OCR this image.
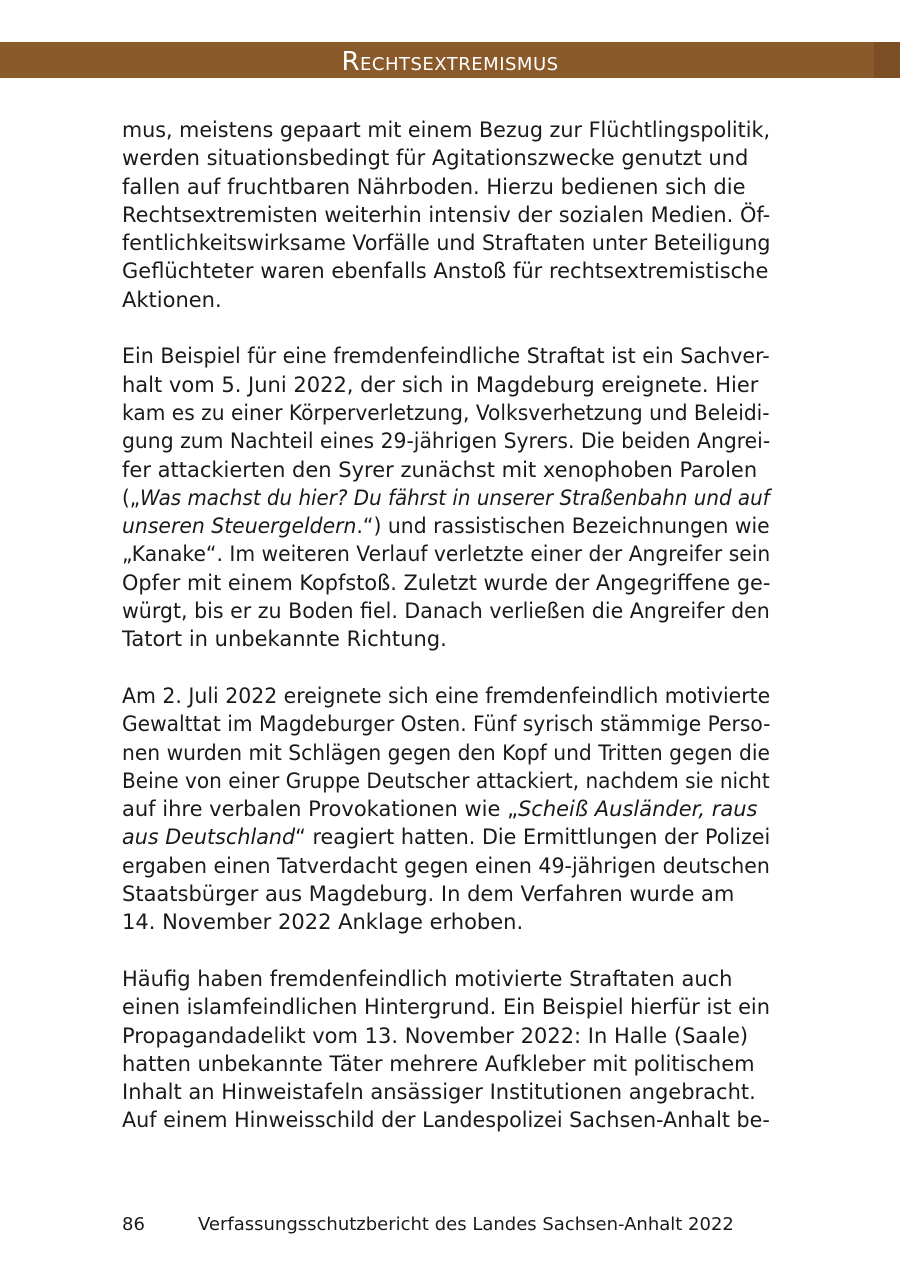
Rechtsextremismus
mus, meistens gepaart mit einem Bezug zur Flüchtlingspolitik,
werden situationsbedingt für Agitationszwecke genutzt und
fallen auf fruchtbaren Nährboden. Hierzu bedienen sich die
Rechtsextremisten weiterhin intensiv der sozialen Medien. Öf-
fentlichkeitswirksame Vorfälle und Straftaten unter Beteiligung
Geflüchteter waren ebenfalls Anstoß für rechtsextremistische
Aktionen.
Ein Beispiel für eine fremdenfeindliche Straftat ist ein Sachver-
halt vom 5. Juni 2022, der sich in Magdeburg ereignete. Hier
kam es zu einer Körperverletzung, Volksverhetzung und Beleidi-
gung zum Nachteil eines 29-jährigen Syrers. Die beiden Angrei-
fer attackierten den Syrer zunächst mit xenophoben Parolen
(„Was machst du hier? Du fährst in unserer Straßenbahn und auf
unseren Steuergeldern.“) und rassistischen Bezeichnungen wie
„Kanake“. Im weiteren Verlauf verletzte einer der Angreifer sein
Opfer mit einem Kopfstoß. Zuletzt wurde der Angegriffene ge-
würgt, bis er zu Boden fiel. Danach verließen die Angreifer den
Tatort in unbekannte Richtung.
Am 2. Juli 2022 ereignete sich eine fremdenfeindlich motivierte
Gewalttat im Magdeburger Osten. Fünf syrisch stämmige Perso-
nen wurden mit Schlägen gegen den Kopf und Tritten gegen die
Beine von einer Gruppe Deutscher attackiert, nachdem sie nicht
auf ihre verbalen Provokationen wie „Scheiß Ausländer, raus
aus Deutschland“ reagiert hatten. Die Ermittlungen der Polizei
ergaben einen Tatverdacht gegen einen 49-jährigen deutschen
Staatsbürger aus Magdeburg. In dem Verfahren wurde am
14. November 2022 Anklage erhoben.
Häufig haben fremdenfeindlich motivierte Straftaten auch
einen islamfeindlichen Hintergrund. Ein Beispiel hierfür ist ein
Propagandadelikt vom 13. November 2022: In Halle (Saale)
hatten unbekannte Täter mehrere Aufkleber mit politischem
Inhalt an Hinweistafeln ansässiger Institutionen angebracht.
Auf einem Hinweisschild der Landespolizei Sachsen-Anhalt be-
86	Verfassungsschutzbericht des Landes Sachsen-Anhalt 2022
